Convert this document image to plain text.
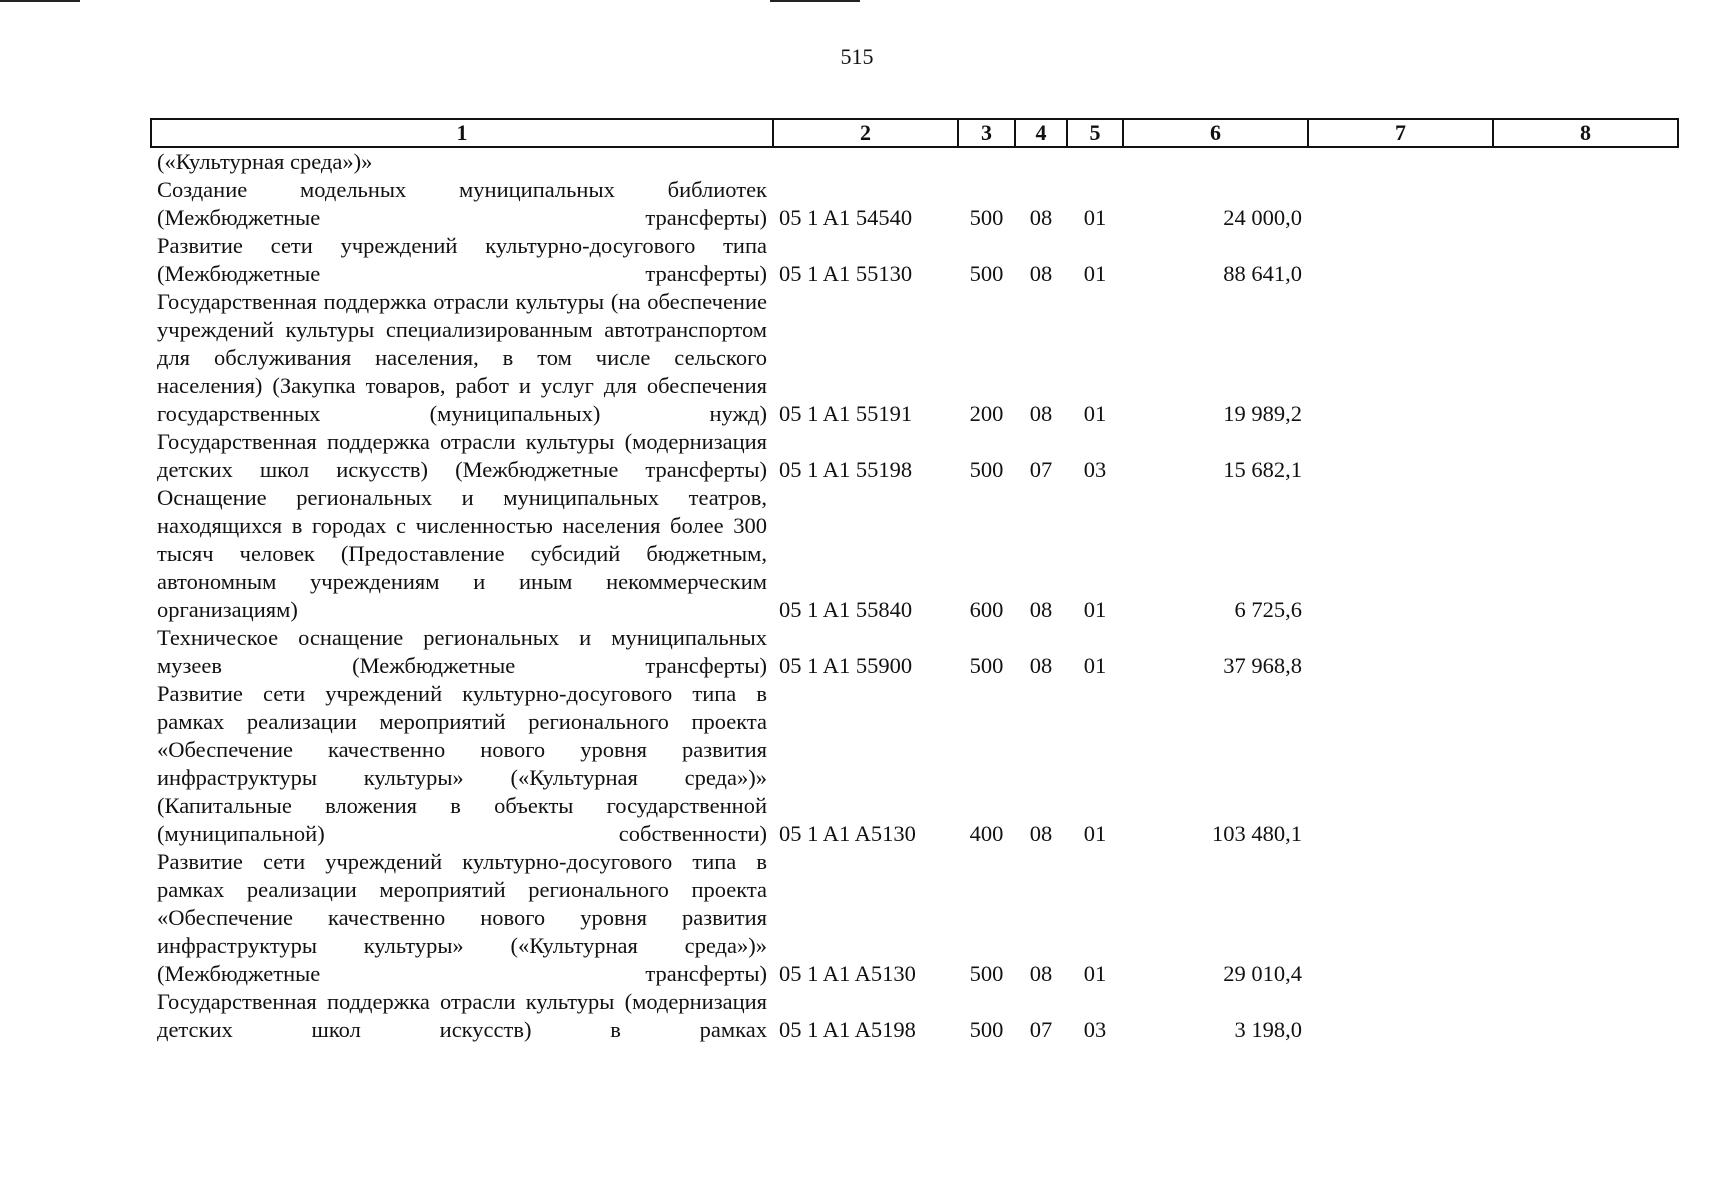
515
1	2	3	4	5	6	7	8
(«Культурная среда»)»							
Создание модельных муниципальных библиотек (Межбюджетные трансферты)	05 1 A1 54540	500	08	01	24 000,0		
Развитие сети учреждений культурно-досугового типа (Межбюджетные трансферты)	05 1 A1 55130	500	08	01	88 641,0		
Государственная поддержка отрасли культуры (на обеспечение учреждений культуры специализированным автотранспортом для обслуживания населения, в том числе сельского населения) (Закупка товаров, работ и услуг для обеспечения государственных (муниципальных) нужд)	05 1 A1 55191	200	08	01	19 989,2		
Государственная поддержка отрасли культуры (модернизация детских школ искусств) (Межбюджетные трансферты)	05 1 A1 55198	500	07	03	15 682,1		
Оснащение региональных и муниципальных театров, находящихся в городах с численностью населения более 300 тысяч человек (Предоставление субсидий бюджетным, автономным учреждениям и иным некоммерческим организациям)	05 1 A1 55840	600	08	01	6 725,6		
Техническое оснащение региональных и муниципальных музеев (Межбюджетные трансферты)	05 1 A1 55900	500	08	01	37 968,8		
Развитие сети учреждений культурно-досугового типа в рамках реализации мероприятий регионального проекта «Обеспечение качественно нового уровня развития инфраструктуры культуры» («Культурная среда»)» (Капитальные вложения в объекты государственной (муниципальной) собственности)	05 1 A1 A5130	400	08	01	103 480,1		
Развитие сети учреждений культурно-досугового типа в рамках реализации мероприятий регионального проекта «Обеспечение качественно нового уровня развития инфраструктуры культуры» («Культурная среда»)» (Межбюджетные трансферты)	05 1 A1 A5130	500	08	01	29 010,4		
Государственная поддержка отрасли культуры (модернизация детских школ искусств) в рамках	05 1 A1 A5198	500	07	03	3 198,0		
